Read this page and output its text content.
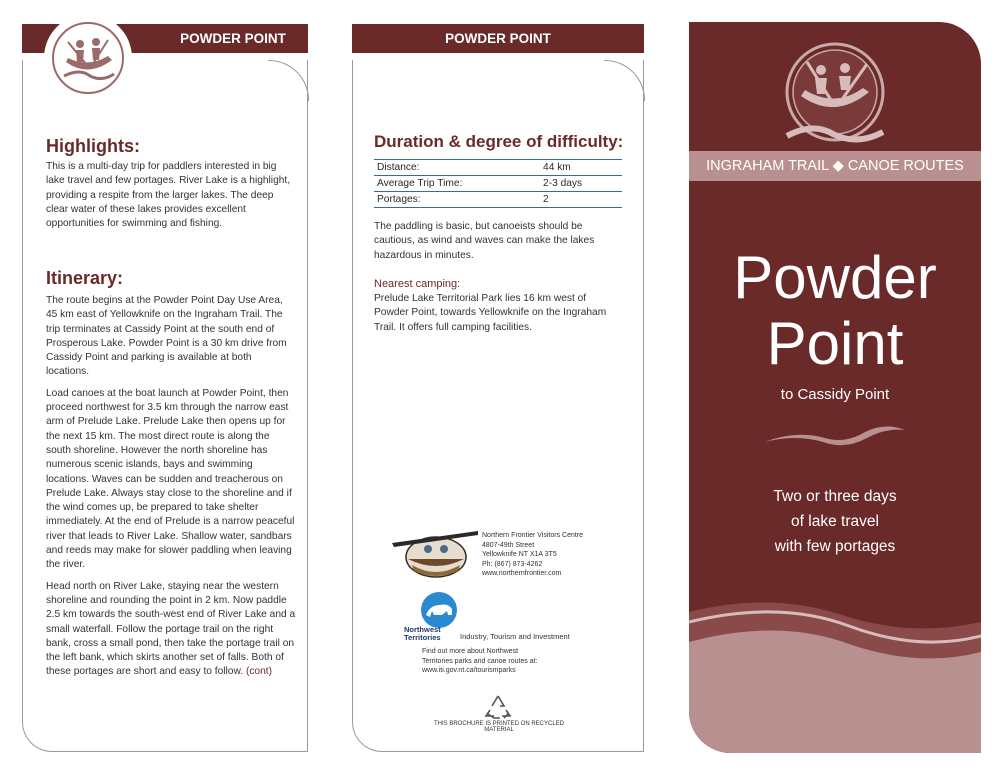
POWDER POINT
Highlights:

This is a multi-day trip for paddlers interested in big lake travel and few portages. River Lake is a highlight, providing a respite from the larger lakes. The deep clear water of these lakes provides excellent opportunities for swimming and fishing.

Itinerary:

The route begins at the Powder Point Day Use Area, 45 km east of Yellowknife on the Ingraham Trail. The trip terminates at Cassidy Point at the south end of Prosperous Lake. Powder Point is a 30 km drive from Cassidy Point and parking is available at both locations.

Load canoes at the boat launch at Powder Point, then proceed northwest for 3.5 km through the narrow east arm of Prelude Lake. Prelude Lake then opens up for the next 15 km. The most direct route is along the south shoreline. However the north shoreline has numerous scenic islands, bays and swimming locations. Waves can be sudden and treacherous on Prelude Lake. Always stay close to the shoreline and if the wind comes up, be prepared to take shelter immediately. At the end of Prelude is a narrow peaceful river that leads to River Lake. Shallow water, sandbars and reeds may make for slower paddling when leaving the river.

Head north on River Lake, staying near the western shoreline and rounding the point in 2 km. Now paddle 2.5 km towards the south-west end of River Lake and a small waterfall. Follow the portage trail on the right bank, cross a small pond, then take the portage trail on the left bank, which skirts another set of falls. Both of these portages are short and easy to follow. (cont)

POWDER POINT
Duration & degree of difficulty:
Distance:	44 km
Average Trip Time:	2-3 days
Portages:	2
The paddling is basic, but canoeists should be cautious, as wind and waves can make the lakes hazardous in minutes.
Nearest camping:
Prelude Lake Territorial Park lies 16 km west of Powder Point, towards Yellowknife on the Ingraham Trail. It offers full camping facilities.
Northern Frontier Visitors Centre
4807-49th Street
Yellowknife NT X1A 3T5
Ph: (867) 873-4262
www.northernfrontier.com
Northwest
Territories	Industry, Tourism and Investment
Find out more about Northwest
Territories parks and canoe routes at:
www.iti.gov.nt.ca/tourismparks
THIS BROCHURE IS PRINTED ON RECYCLED MATERIAL
INGRAHAM TRAIL ◆ CANOE ROUTES
Powder
Point
to Cassidy Point
Two or three days
of lake travel
with few portages
